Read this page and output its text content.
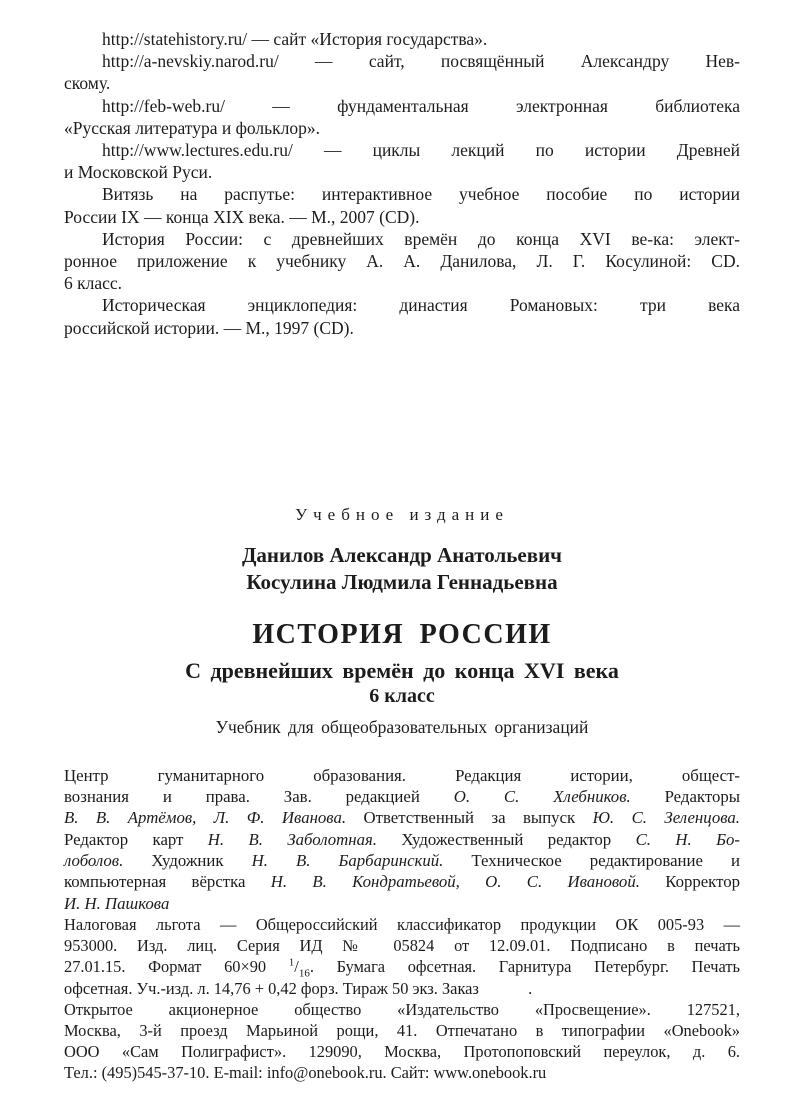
http://statehistory.ru/ — сайт «История государства».
http://a-nevskiy.narod.ru/ — сайт, посвящённый Александру Нев-
скому.
http://feb-web.ru/ — фундаментальная электронная библиотека
«Русская литература и фольклор».
http://www.lectures.edu.ru/ — циклы лекций по истории Древней
и Московской Руси.
Витязь на распутье: интерактивное учебное пособие по истории
России IX — конца XIX века. — М., 2007 (CD).
История России: с древнейших времён до конца XVI ве-ка: элект-
ронное приложение к учебнику А. А. Данилова, Л. Г. Косулиной: CD.
6 класс.
Историческая энциклопедия: династия Романовых: три века
российской истории. — М., 1997 (CD).
Учебное издание
Данилов Александр Анатольевич
Косулина Людмила Геннадьевна
ИСТОРИЯ РОССИИ
С древнейших времён до конца XVI века
6 класс
Учебник для общеобразовательных организаций
Центр гуманитарного образования. Редакция истории, общест-
вознания и права. Зав. редакцией О. С. Хлебников. Редакторы
В. В. Артёмов, Л. Ф. Иванова. Ответственный за выпуск Ю. С. Зеленцова.
Редактор карт Н. В. Заболотная. Художественный редактор С. Н. Бо-
лоболов. Художник Н. В. Барбаринский. Техническое редактирование и
компьютерная вёрстка Н. В. Кондратьевой, О. С. Ивановой. Корректор
И. Н. Пашкова
Налоговая льгота — Общероссийский классификатор продукции ОК 005-93 —
953000. Изд. лиц. Серия ИД № 05824 от 12.09.01. Подписано в печать
27.01.15. Формат 60×90 $^1/_{16}$. Бумага офсетная. Гарнитура Петербург. Печать
офсетная. Уч.-изд. л. 14,76 + 0,42 форз. Тираж 50 экз. Заказ            .
Открытое акционерное общество «Издательство «Просвещение». 127521,
Москва, 3-й проезд Марьиной рощи, 41. Отпечатано в типографии «Onebook»
ООО «Сам Полиграфист». 129090, Москва, Протопоповский переулок, д. 6.
Тел.: (495)545-37-10. E-mail: info@onebook.ru. Сайт: www.onebook.ru
